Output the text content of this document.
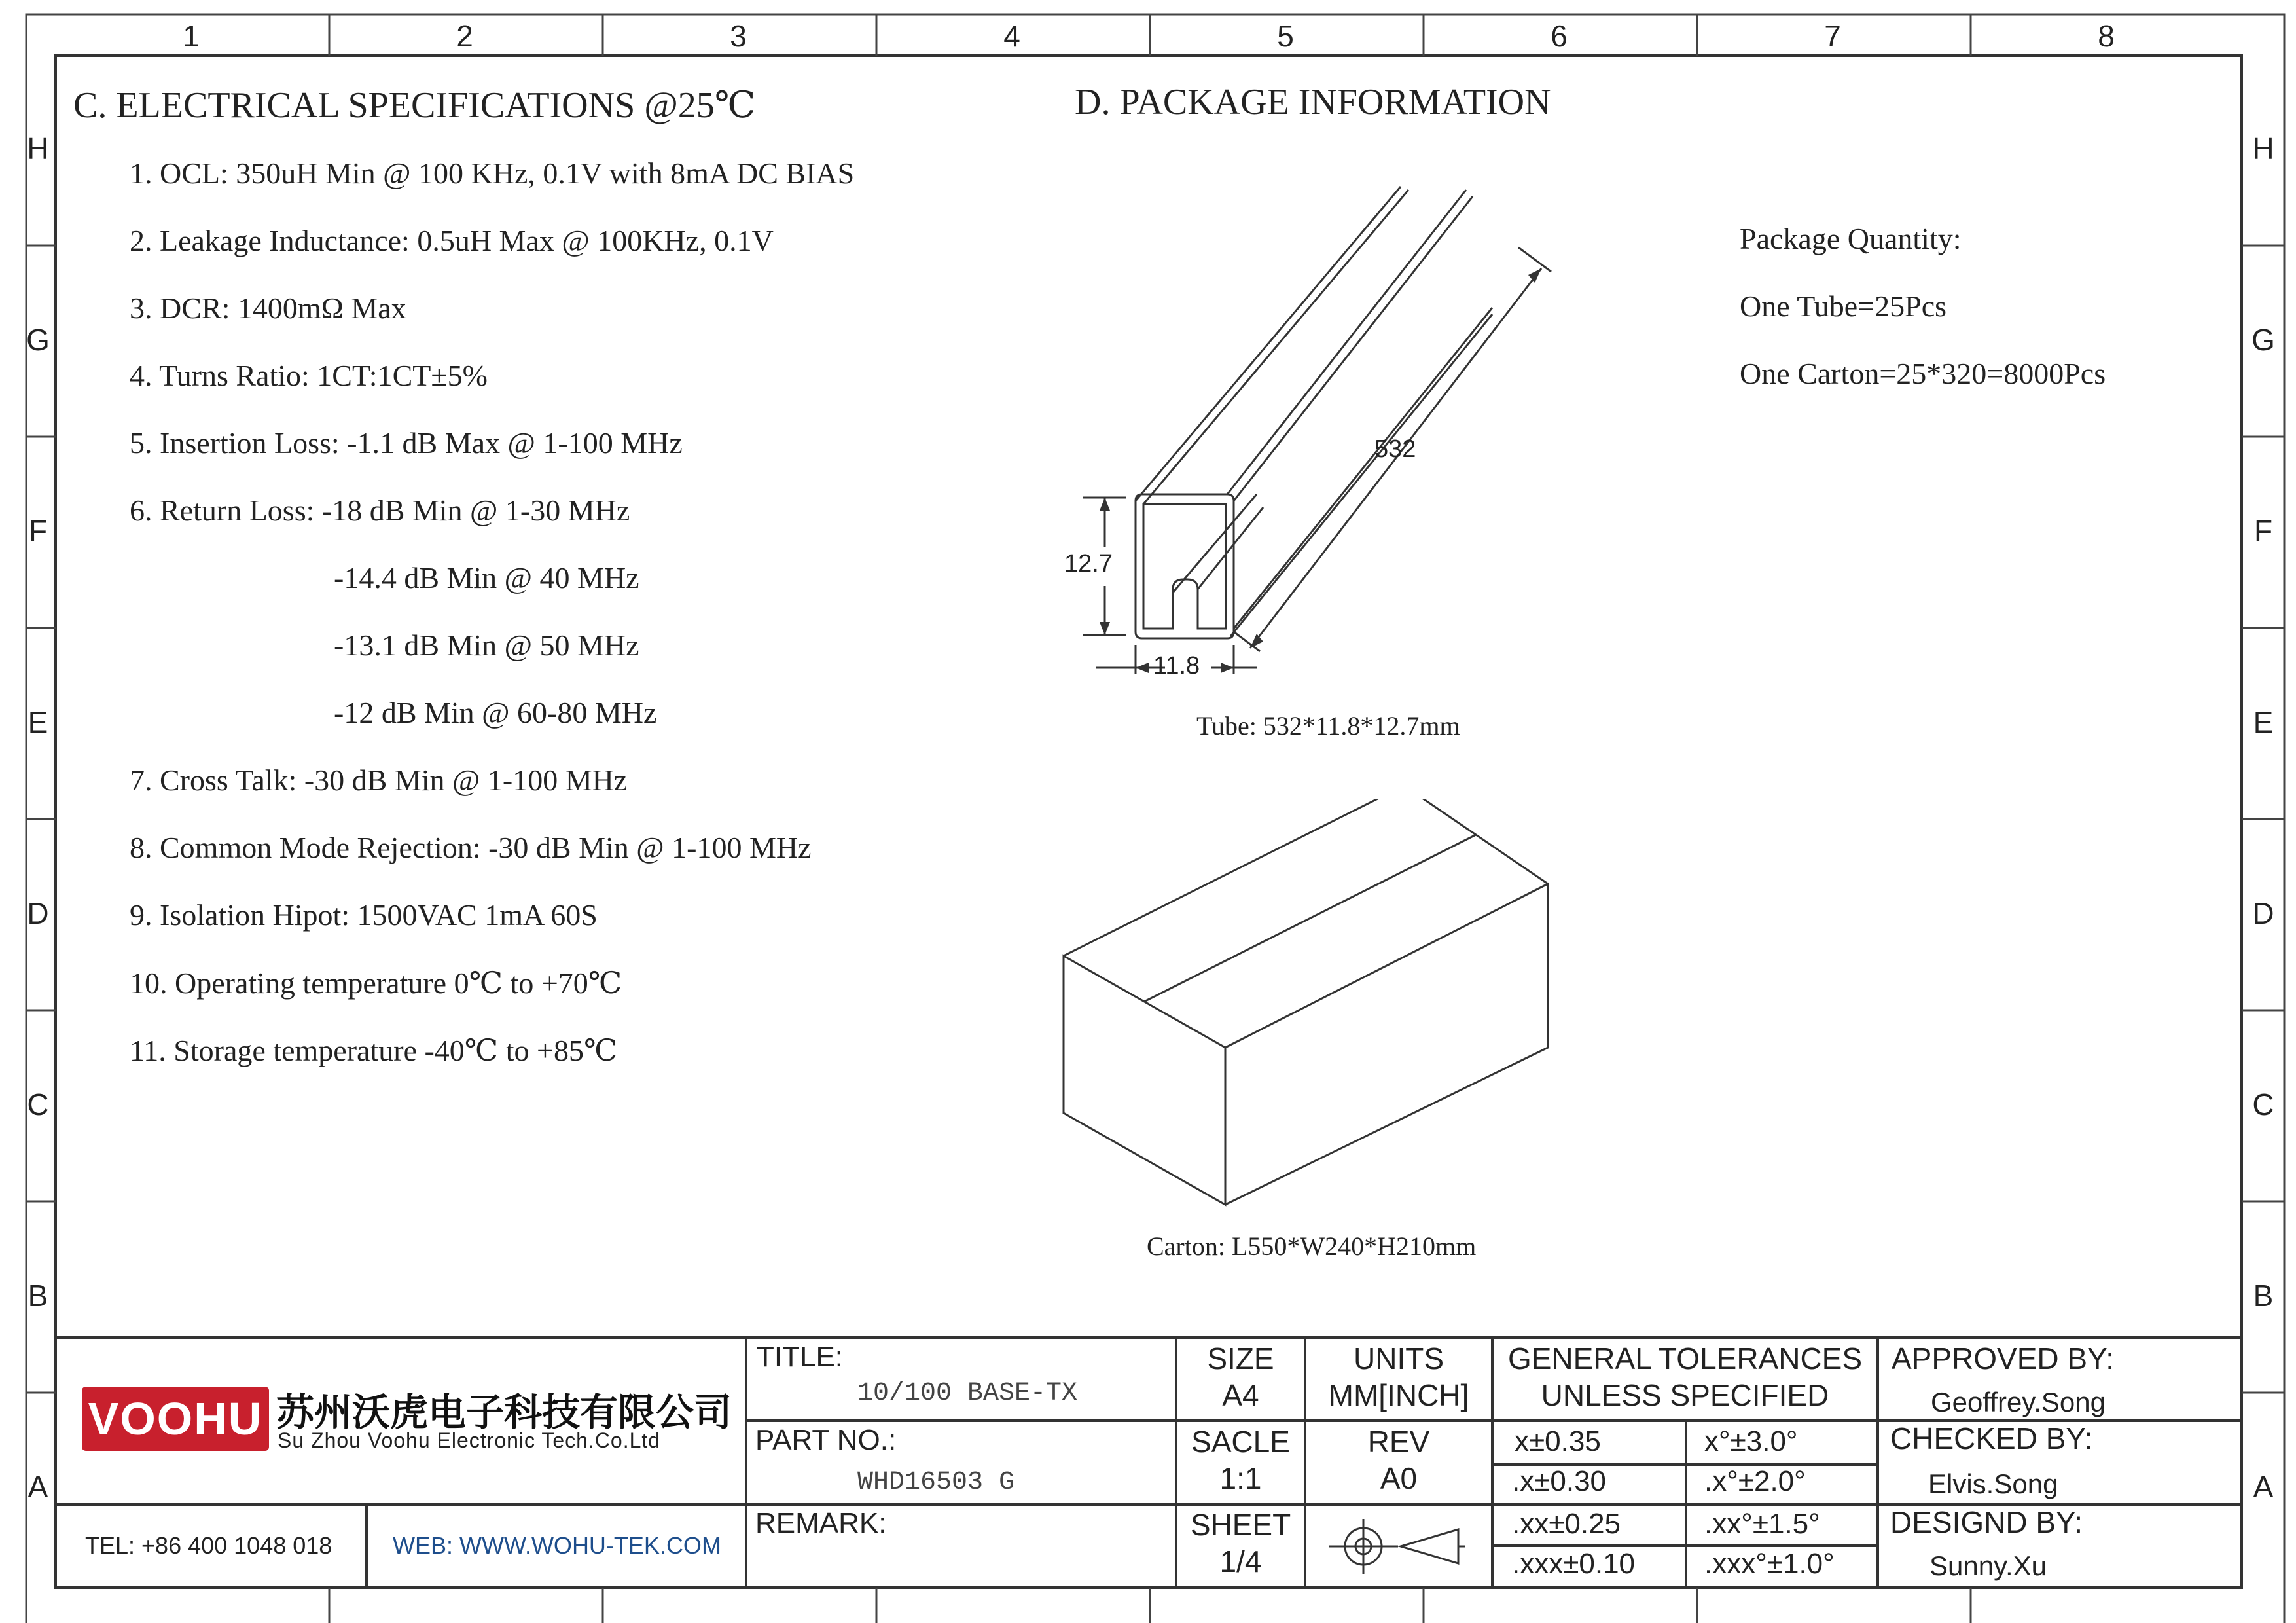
1	2	3	4	5	6	7	8
H
G
F
E
D
C
B
A
H
G
F
E
D
C
B
A
C. ELECTRICAL SPECIFICATIONS @25℃
1. OCL: 350uH Min @ 100 KHz, 0.1V with 8mA DC BIAS
2. Leakage Inductance: 0.5uH Max @ 100KHz, 0.1V
3. DCR: 1400mΩ Max
4. Turns Ratio: 1CT:1CT±5%
5. Insertion Loss: -1.1 dB Max @ 1-100 MHz
6. Return Loss: -18 dB Min @ 1-30 MHz
-14.4 dB Min @ 40 MHz
-13.1 dB Min @ 50 MHz
-12 dB Min @ 60-80 MHz
7. Cross Talk: -30 dB Min @ 1-100 MHz
8. Common Mode Rejection: -30 dB Min @ 1-100 MHz
9. Isolation Hipot: 1500VAC 1mA 60S
10. Operating temperature 0℃ to +70℃
11. Storage temperature -40℃ to +85℃
D. PACKAGE INFORMATION
Package Quantity:
One Tube=25Pcs
One Carton=25*320=8000Pcs
532
12.7
11.8
Tube: 532*11.8*12.7mm
Carton: L550*W240*H210mm
VOOHU 苏州沃虎电子科技有限公司
Su Zhou Voohu Electronic Tech.Co.Ltd
TEL: +86 400 1048 018	WEB: WWW.WOHU-TEK.COM
TITLE:
10/100 BASE-TX
PART NO.:
WHD16503 G
REMARK:
SIZE
A4
UNITS
MM[INCH]
SACLE
1:1
REV
A0
SHEET
1/4
GENERAL TOLERANCES
UNLESS SPECIFIED
x±0.35	x°±3.0°
.x±0.30	.x°±2.0°
.xx±0.25	.xx°±1.5°
.xxx±0.10 .xxx°±1.0°
APPROVED BY:
Geoffrey.Song
CHECKED BY:
Elvis.Song
DESIGND BY:
Sunny.Xu
